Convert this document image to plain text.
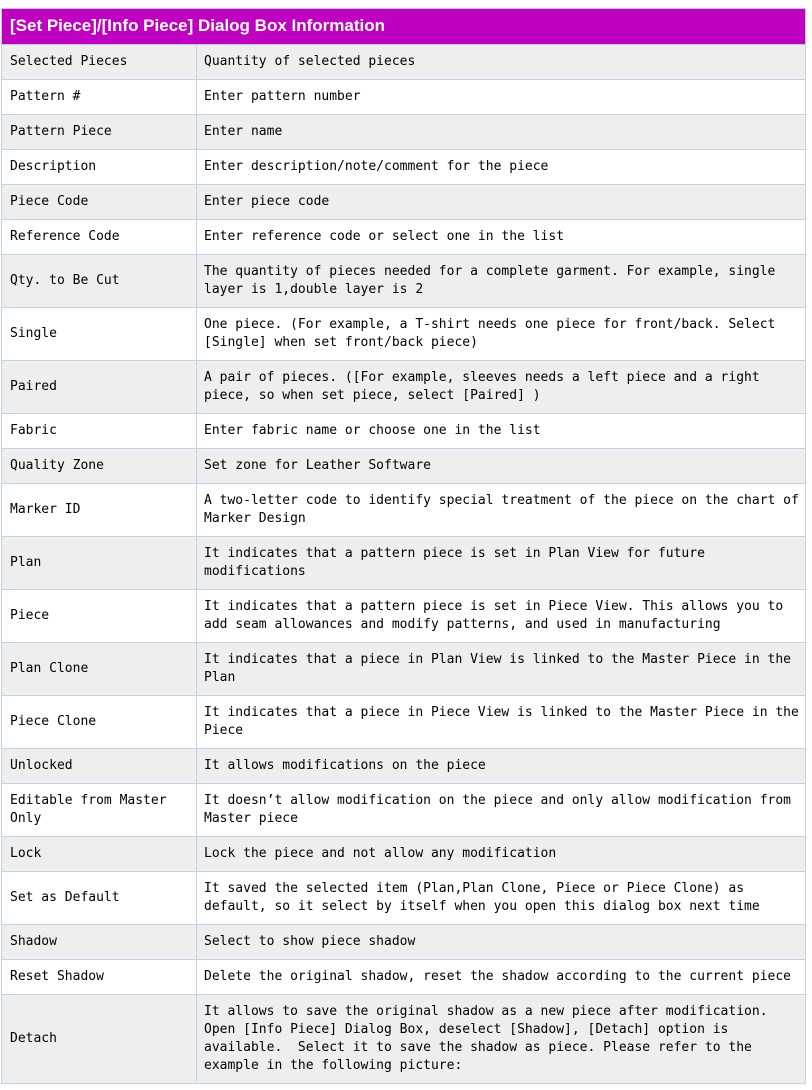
[Set Piece]/[Info Piece] Dialog Box Information	
Selected Pieces	Quantity of selected pieces
Pattern #	Enter pattern number
Pattern Piece	Enter name
Description	Enter description/note/comment for the piece
Piece Code	Enter piece code
Reference Code	Enter reference code or select one in the list
Qty. to Be Cut	The quantity of pieces needed for a complete garment. For example, single layer is 1,double layer is 2
Single	One piece. (For example, a T-shirt needs one piece for front/back. Select [Single] when set front/back piece)
Paired	A pair of pieces. ([For example, sleeves needs a left piece and a right piece, so when set piece, select [Paired] )
Fabric	Enter fabric name or choose one in the list
Quality Zone	Set zone for Leather Software
Marker ID	A two-letter code to identify special treatment of the piece on the chart of Marker Design
Plan	It indicates that a pattern piece is set in Plan View for future modifications
Piece	It indicates that a pattern piece is set in Piece View. This allows you to add seam allowances and modify patterns, and used in manufacturing
Plan Clone	It indicates that a piece in Plan View is linked to the Master Piece in the Plan
Piece Clone	It indicates that a piece in Piece View is linked to the Master Piece in the Piece
Unlocked	It allows modifications on the piece
Editable from Master Only	It doesn’t allow modification on the piece and only allow modification from Master piece
Lock	Lock the piece and not allow any modification
Set as Default	It saved the selected item (Plan,Plan Clone, Piece or Piece Clone) as default, so it select by itself when you open this dialog box next time
Shadow	Select to show piece shadow
Reset Shadow	Delete the original shadow, reset the shadow according to the current piece
Detach	It allows to save the original shadow as a new piece after modification. Open [Info Piece] Dialog Box, deselect [Shadow], [Detach] option is available.  Select it to save the shadow as piece. Please refer to the example in the following picture:
